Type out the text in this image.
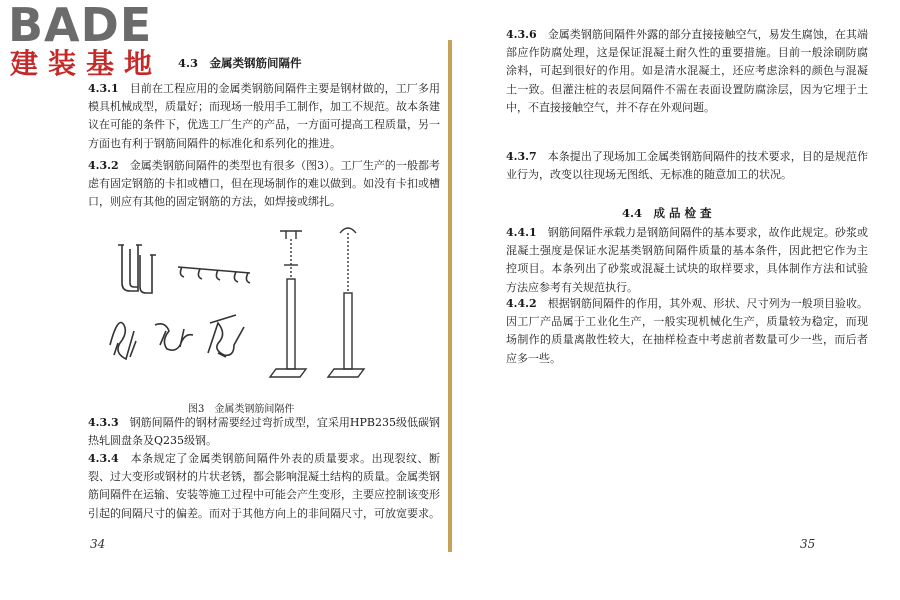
BADE
建装基地 4.3　金属类钢筋间隔件
4.3.1　 目前在工程应用的金属类钢筋间隔件主要是钢材做的，工厂多用模具机械成型，质量好；而现场一般用手工制作，加工不规范。故本条建议在可能的条件下，优选工厂生产的产品，一方面可提高工程质量，另一方面也有利于钢筋间隔件的标准化和系列化的推进。
4.3.2　 金属类钢筋间隔件的类型也有很多（图3）。工厂生产的一般都考虑有固定钢筋的卡扣或槽口，但在现场制作的难以做到。如没有卡扣或槽口，则应有其他的固定钢筋的方法，如焊接或绑扎。
图3　金属类钢筋间隔件
4.3.3　 钢筋间隔件的钢材需要经过弯折成型，宜采用HPB235级低碳钢热轧圆盘条及Q235级钢。
4.3.4　 本条规定了金属类钢筋间隔件外表的质量要求。出现裂纹、断裂、过大变形或钢材的片状老锈，都会影响混凝土结构的质量。金属类钢筋间隔件在运输、安装等施工过程中可能会产生变形，主要应控制该变形引起的间隔尺寸的偏差。而对于其他方向上的非间隔尺寸，可放宽要求。
34
4.3.6　 金属类钢筋间隔件外露的部分直接接触空气，易发生腐蚀，在其端部应作防腐处理，这是保证混凝土耐久性的重要措施。目前一般涂刷防腐涂料，可起到很好的作用。如是清水混凝土，还应考虑涂料的颜色与混凝土一致。但灌注桩的表层间隔件不需在表面设置防腐涂层，因为它埋于土中，不直接接触空气，并不存在外观问题。
4.3.7　 本条提出了现场加工金属类钢筋间隔件的技术要求，目的是规范作业行为，改变以往现场无图纸、无标准的随意加工的状况。
4.4　成 品 检 查
4.4.1　 钢筋间隔件承载力是钢筋间隔件的基本要求，故作此规定。砂浆或混凝土强度是保证水泥基类钢筋间隔件质量的基本条件，因此把它作为主控项目。本条列出了砂浆或混凝土试块的取样要求，具体制作方法和试验方法应参考有关规范执行。
4.4.2　 根据钢筋间隔件的作用，其外观、形状、尺寸列为一般项目验收。因工厂产品属于工业化生产，一般实现机械化生产，质量较为稳定，而现场制作的质量离散性较大，在抽样检查中考虑前者数量可少一些，而后者应多一些。
35
